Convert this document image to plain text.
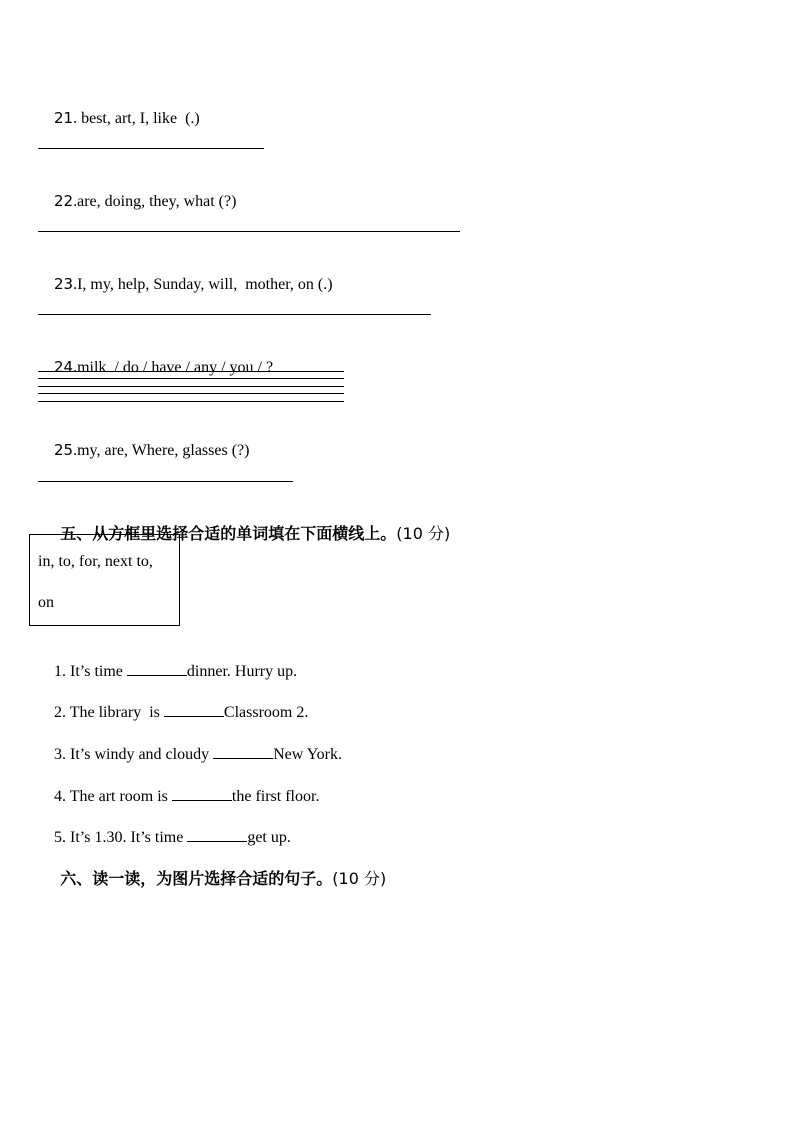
21. best, art, I, like  (.)

22.are, doing, they, what (?)

23.I, my, help, Sunday, will,  mother, on (.)

24.milk  / do / have / any / you / ?

25.my, are, Where, glasses (?)

五、从方框里选择合适的单词填在下面横线上。(10 分)

in, to, for, next to,
on

1. It’s time	dinner. Hurry up.

2. The library  is	Classroom 2.

3. It’s windy and cloudy	New York.

4. The art room is	the first floor.

5. It’s 1.30. It’s time	get up.

六、读一读，为图片选择合适的句子。(10 分)
